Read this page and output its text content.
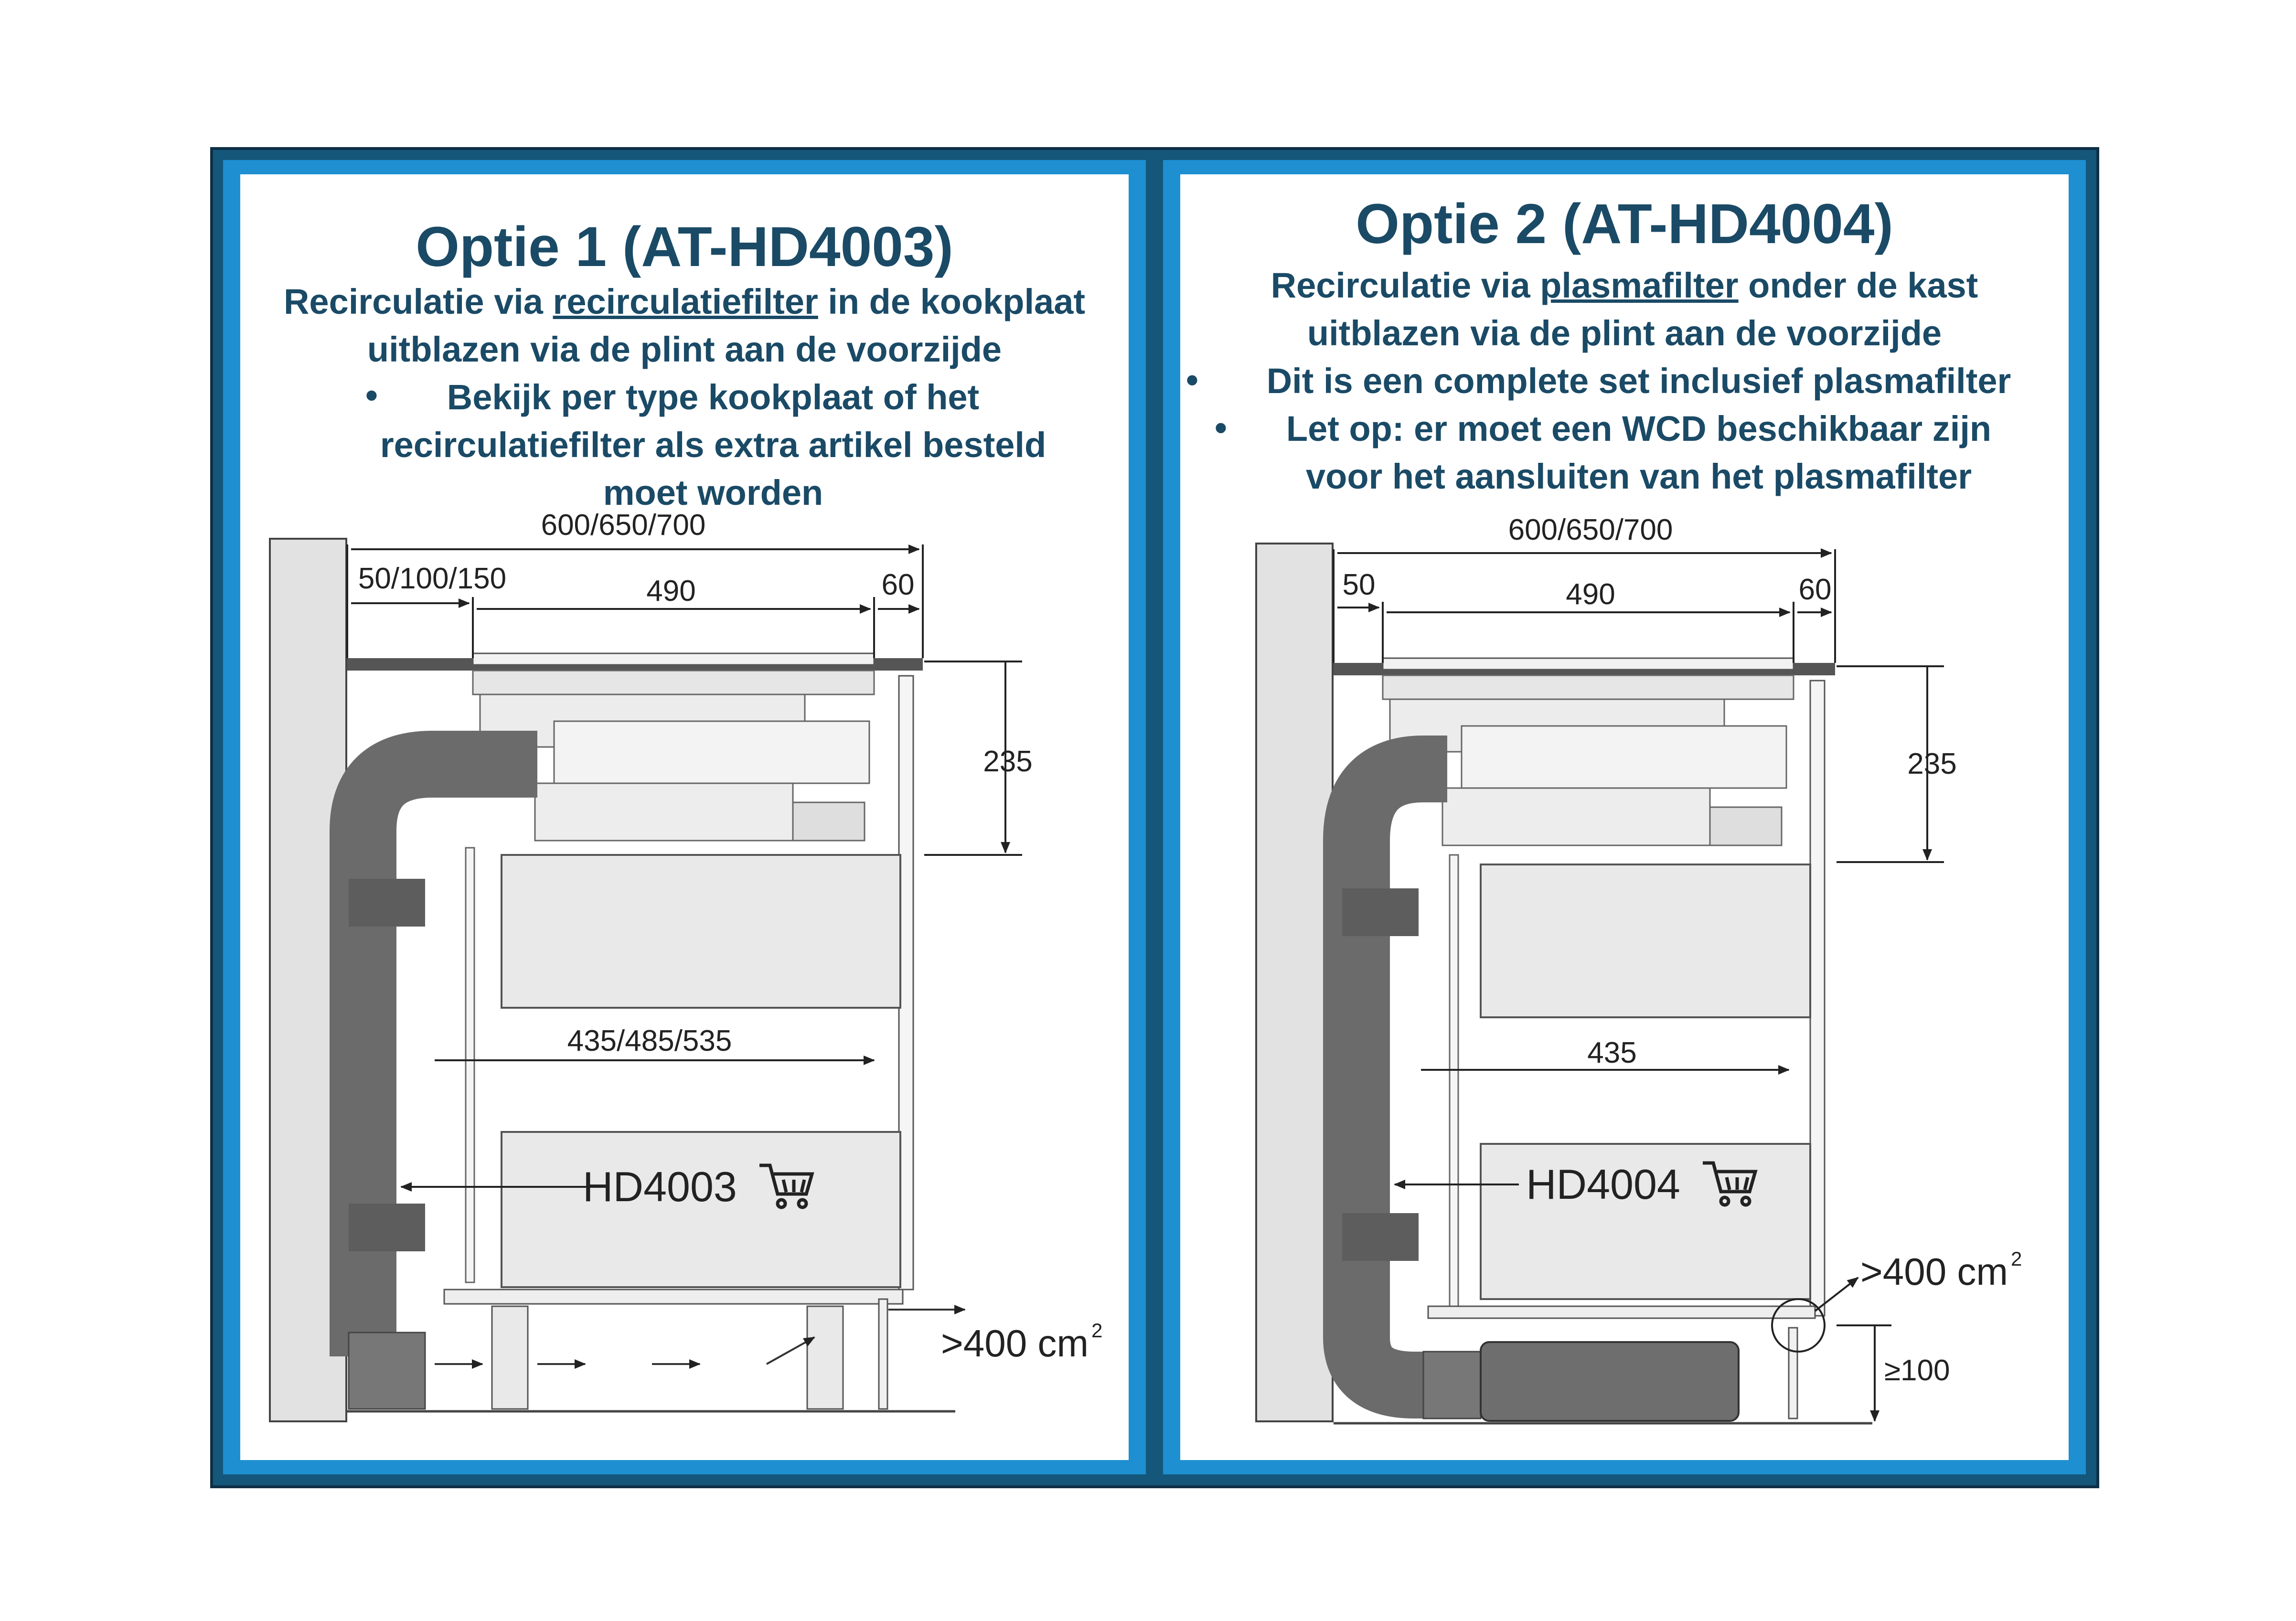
Optie 1 (AT-HD4003)
Recirculatie via recirculatiefilter in de kookplaat
uitblazen via de plint aan de voorzijde
•	Bekijk per type kookplaat of het
recirculatiefilter als extra artikel besteld
moet worden
Optie 2 (AT-HD4004)
Recirculatie via plasmafilter onder de kast
uitblazen via de plint aan de voorzijde
•	Dit is een complete set inclusief plasmafilter
•	Let op: er moet een WCD beschikbaar zijn
voor het aansluiten van het plasmafilter
600/650/700
50/100/150	490	60
235
435/485/535
>400 cm 2
HD4003
600/650/700
50	490	60
235
435
>400 cm 2
≥100
HD4004
